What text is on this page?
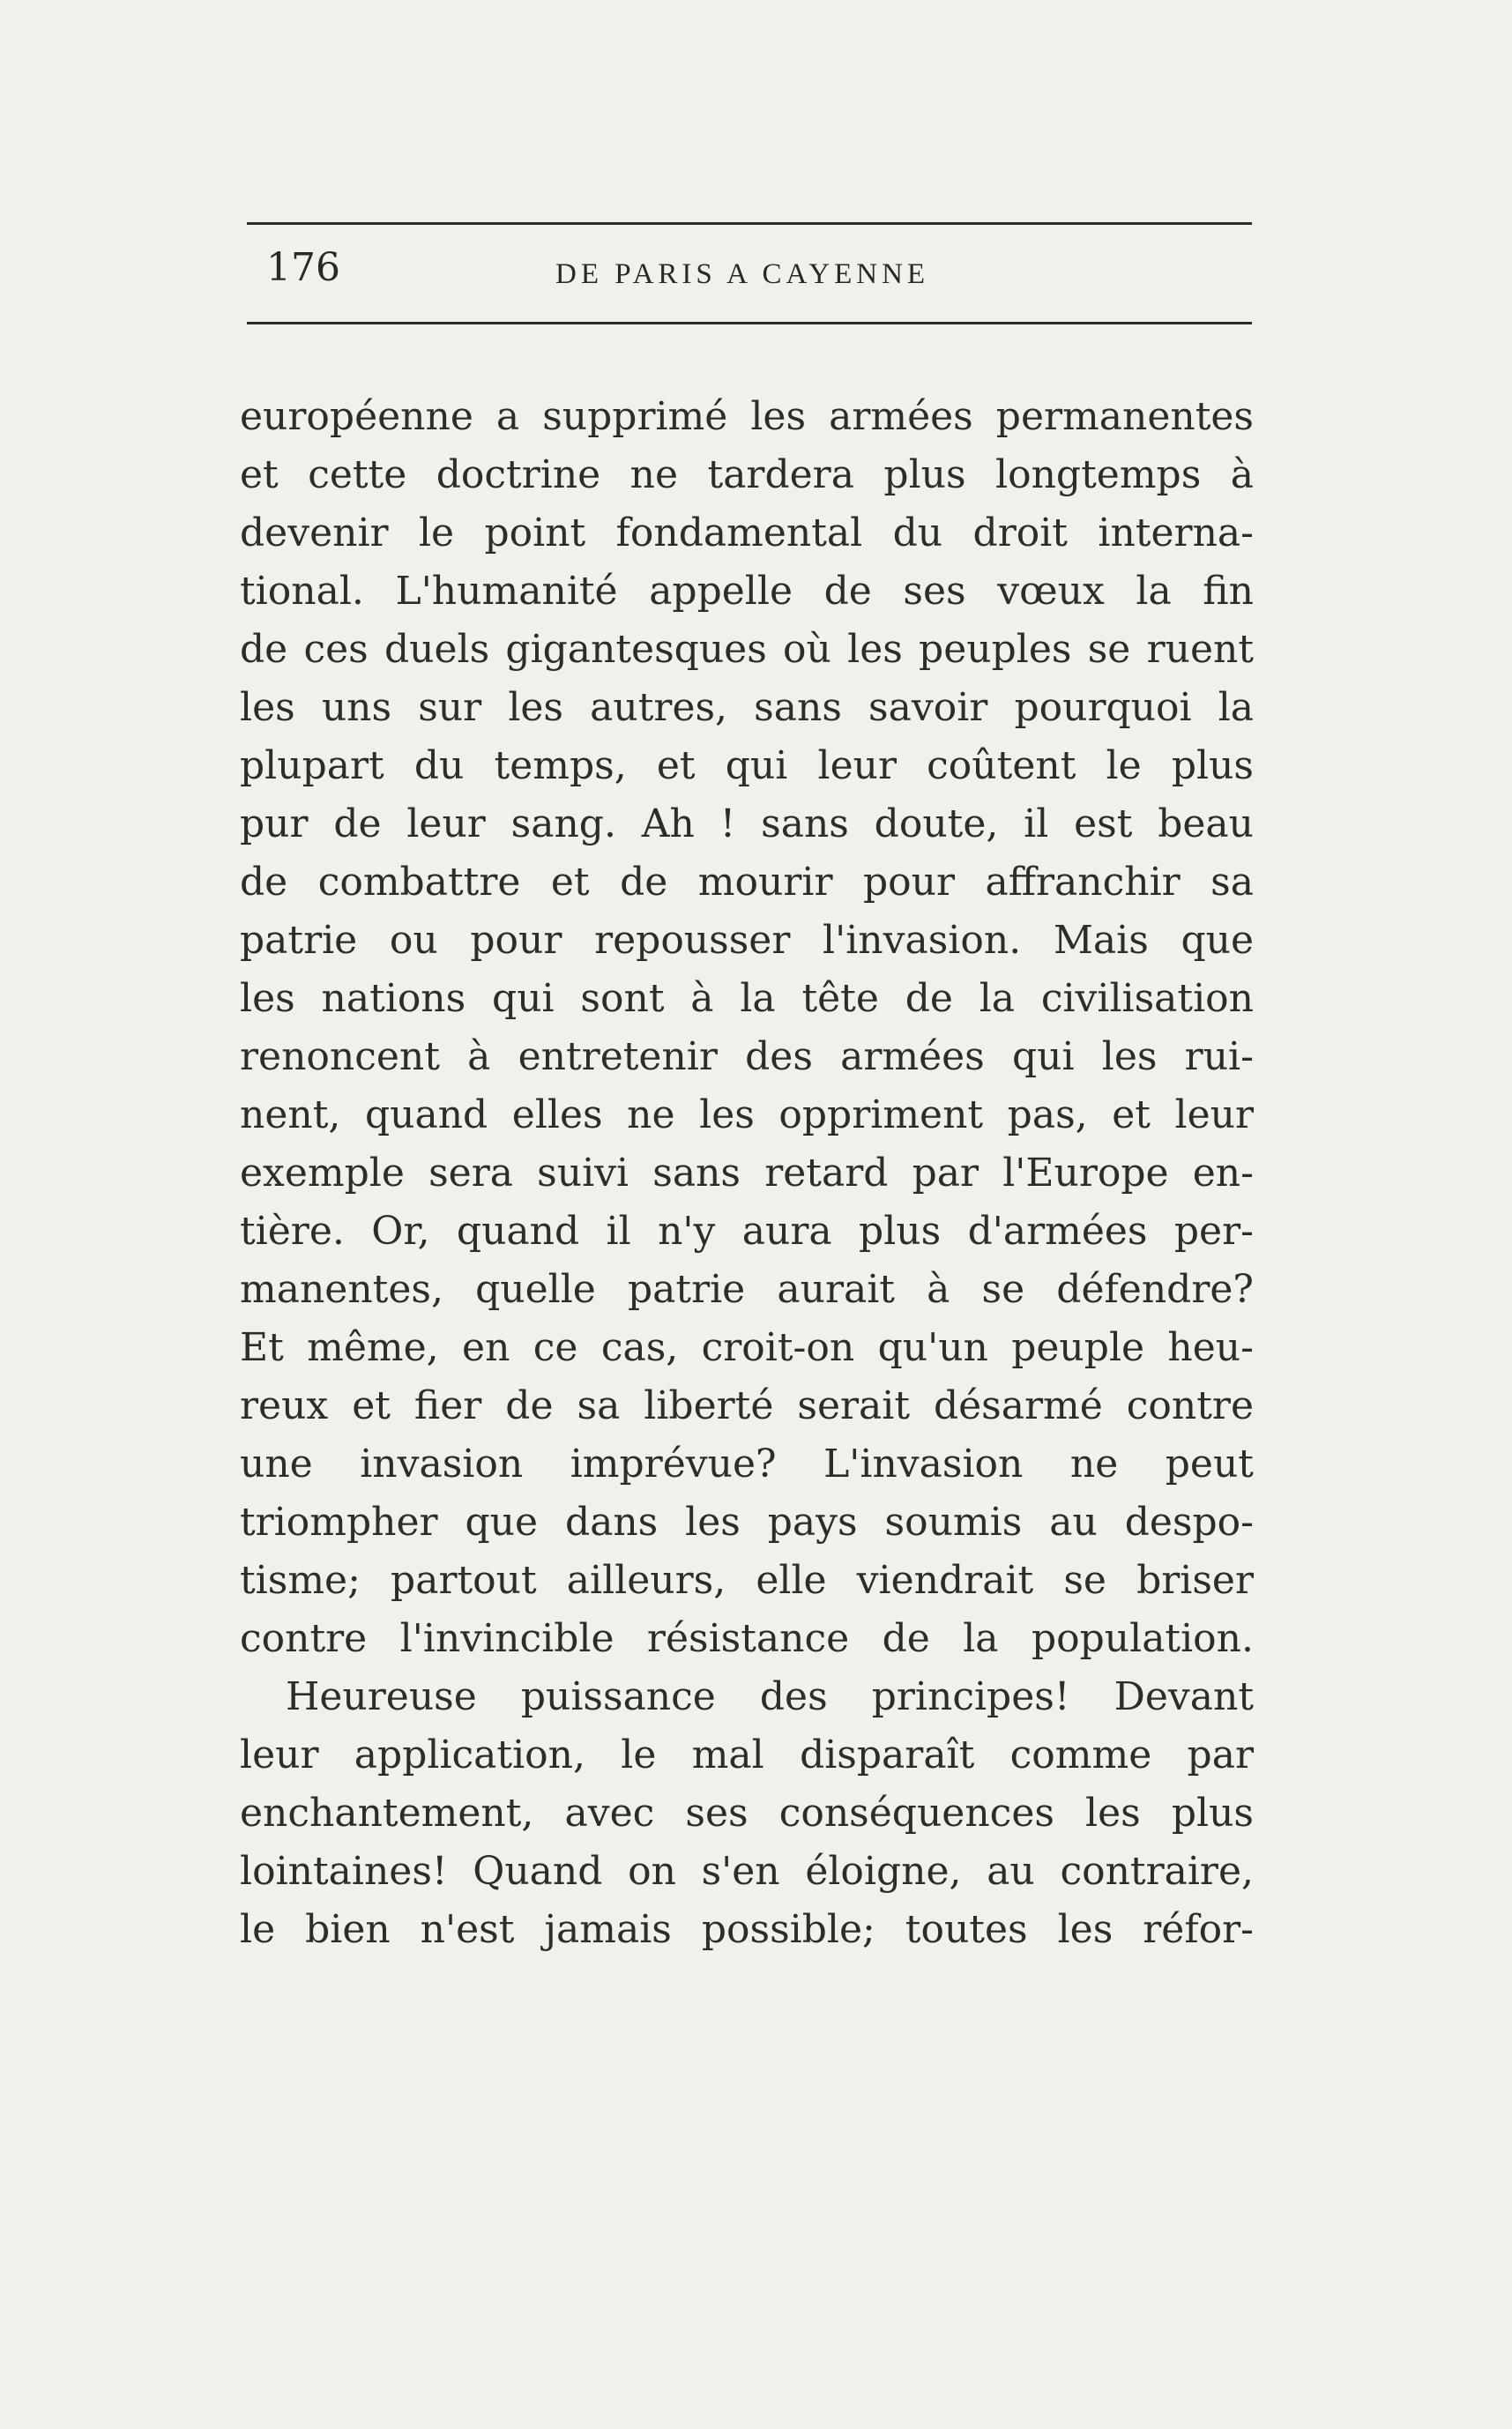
176	DE PARIS A CAYENNE
européenne a supprimé les armées permanentes
et cette doctrine ne tardera plus longtemps à
devenir le point fondamental du droit interna-
tional. L'humanité appelle de ses vœux la fin
de ces duels gigantesques où les peuples se ruent
les uns sur les autres, sans savoir pourquoi la
plupart du temps, et qui leur coûtent le plus
pur de leur sang. Ah ! sans doute, il est beau
de combattre et de mourir pour affranchir sa
patrie ou pour repousser l'invasion. Mais que
les nations qui sont à la tête de la civilisation
renoncent à entretenir des armées qui les rui-
nent, quand elles ne les oppriment pas, et leur
exemple sera suivi sans retard par l'Europe en-
tière. Or, quand il n'y aura plus d'armées per-
manentes, quelle patrie aurait à se défendre?
Et même, en ce cas, croit-on qu'un peuple heu-
reux et fier de sa liberté serait désarmé contre
une invasion imprévue? L'invasion ne peut
triompher que dans les pays soumis au despo-
tisme; partout ailleurs, elle viendrait se briser
contre l'invincible résistance de la population.
Heureuse puissance des principes! Devant
leur application, le mal disparaît comme par
enchantement, avec ses conséquences les plus
lointaines! Quand on s'en éloigne, au contraire,
le bien n'est jamais possible; toutes les réfor-
